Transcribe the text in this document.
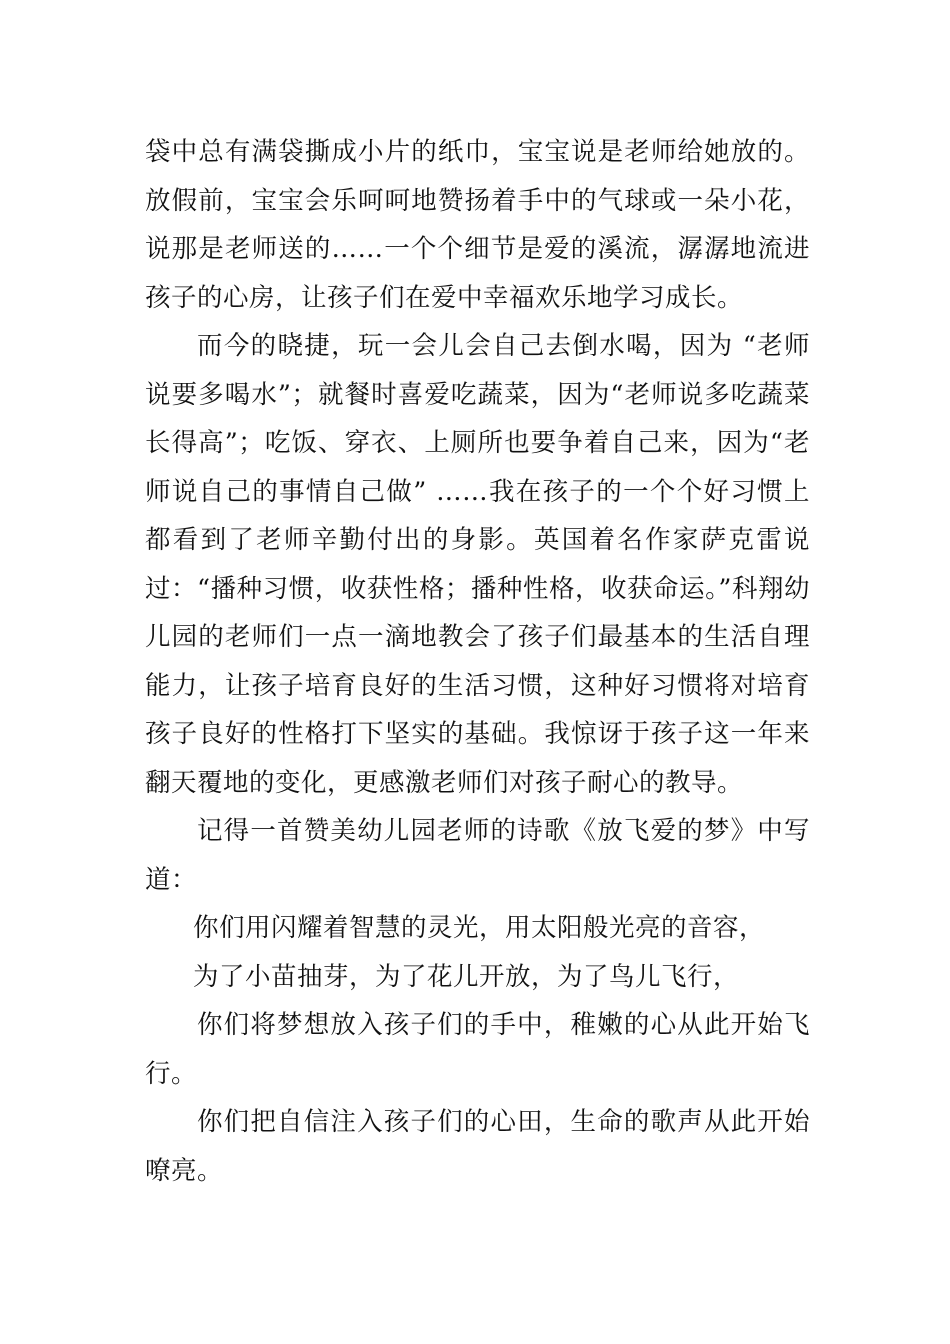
袋中总有满袋撕成小片的纸巾，宝宝说是老师给她放的。放假前，宝宝会乐呵呵地赞扬着手中的气球或一朵小花，说那是老师送的……一个个细节是爱的溪流，潺潺地流进孩子的心房，让孩子们在爱中幸福欢乐地学习成长。

而今的晓捷，玩一会儿会自己去倒水喝，因为 “老师说要多喝水”；就餐时喜爱吃蔬菜，因为“老师说多吃蔬菜长得高”；吃饭、穿衣、上厕所也要争着自己来，因为“老师说自己的事情自己做” ……我在孩子的一个个好习惯上都看到了老师辛勤付出的身影。英国着名作家萨克雷说过：“播种习惯，收获性格；播种性格，收获命运。”科翔幼儿园的老师们一点一滴地教会了孩子们最基本的生活自理能力，让孩子培育良好的生活习惯，这种好习惯将对培育孩子良好的性格打下坚实的基础。我惊讶于孩子这一年来翻天覆地的变化，更感激老师们对孩子耐心的教导。

记得一首赞美幼儿园老师的诗歌《放飞爱的梦》中写道：

你们用闪耀着智慧的灵光，用太阳般光亮的音容，

为了小苗抽芽，为了花儿开放，为了鸟儿飞行，

你们将梦想放入孩子们的手中，稚嫩的心从此开始飞行。

你们把自信注入孩子们的心田，生命的歌声从此开始嘹亮。
